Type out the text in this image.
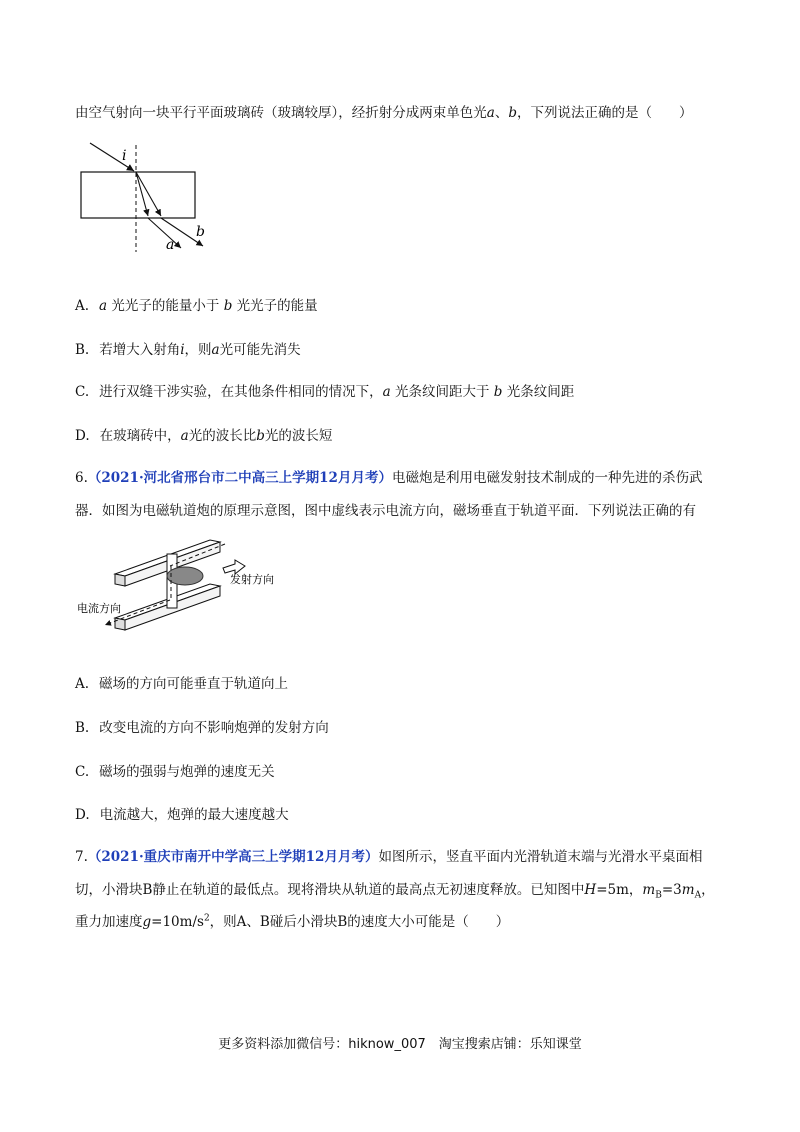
由空气射向一块平行平面玻璃砖（玻璃较厚），经折射分成两束单色光a、b，下列说法正确的是（　　）
i
a
b
A. a 光光子的能量小于 b 光光子的能量
B. 若增大入射角i，则a光可能先消失
C. 进行双缝干涉实验，在其他条件相同的情况下，a 光条纹间距大于 b 光条纹间距
D. 在玻璃砖中，a光的波长比b光的波长短
6.（2021·河北省邢台市二中高三上学期12月月考）电磁炮是利用电磁发射技术制成的一种先进的杀伤武
器．如图为电磁轨道炮的原理示意图，图中虚线表示电流方向，磁场垂直于轨道平面．下列说法正确的有
发射方向
电流方向
A. 磁场的方向可能垂直于轨道向上
B. 改变电流的方向不影响炮弹的发射方向
C. 磁场的强弱与炮弹的速度无关
D. 电流越大，炮弹的最大速度越大
7.（2021·重庆市南开中学高三上学期12月月考）如图所示，竖直平面内光滑轨道末端与光滑水平桌面相
切，小滑块B静止在轨道的最低点。现将滑块从轨道的最高点无初速度释放。已知图中H=5m，$m_B=3m_A$，
重力加速度$g=10m/s^2$，则A、B碰后小滑块B的速度大小可能是（　　）
更多资料添加微信号：hiknow_007　淘宝搜索店铺：乐知课堂
